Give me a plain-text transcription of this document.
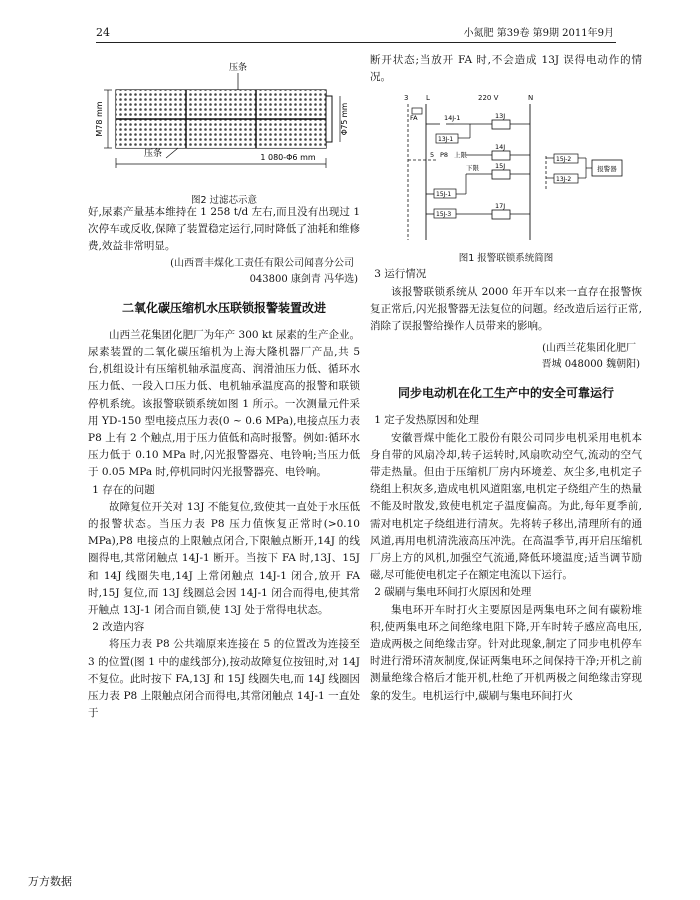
24	小氮肥 第39卷 第9期 2011年9月
压条
M78 mm	Φ75 mm
1 080-Φ6 mm
压条
图2 过滤芯示意

好,尿素产量基本维持在 1 258 t/d 左右,而且没有出现过 1 次停车或反收,保障了装置稳定运行,同时降低了油耗和维修费,效益非常明显。

(山西晋丰煤化工责任有限公司闻喜分公司

043800 康剑青 冯华选)

二氧化碳压缩机水压联锁报警装置改进

山西兰花集团化肥厂为年产 300 kt 尿素的生产企业。尿素装置的二氧化碳压缩机为上海大隆机器厂产品,共 5 台,机组设计有压缩机轴承温度高、润滑油压力低、循环水压力低、一段入口压力低、电机轴承温度高的报警和联锁停机系统。该报警联锁系统如图 1 所示。一次测量元件采用 YD-150 型电接点压力表(0 ~ 0.6 MPa),电接点压力表 P8 上有 2 个触点,用于压力值低和高时报警。例如:循环水压力低于 0.10 MPa 时,闪光报警器亮、电铃响;当压力低于 0.05 MPa 时,停机同时闪光报警器亮、电铃响。

1 存在的问题

故障复位开关对 13J 不能复位,致使其一直处于水压低的报警状态。当压力表 P8 压力值恢复正常时(>0.10 MPa),P8 电接点的上限触点闭合,下限触点断开,14J 的线圈得电,其常闭触点 14J-1 断开。当按下 FA 时,13J、15J 和 14J 线圈失电,14J 上常闭触点 14J-1 闭合,放开 FA 时,15J 复位,而 13J 线圈总会因 14J-1 闭合而得电,使其常开触点 13J-1 闭合而自锁,使 13J 处于常得电状态。

2 改造内容

将压力表 P8 公共端原来连接在 5 的位置改为连接至 3 的位置(图 1 中的虚线部分),按动故障复位按钮时,对 14J 不复位。此时按下 FA,13J 和 15J 线圈失电,而 14J 线圈因压力表 P8 上限触点闭合而得电,其常闭触点 14J-1 一直处于

断开状态;当放开 FA 时,不会造成 13J 误得电动作的情况。

3	L	220 V	N
FA	14J-1	13J
13J-1
5 P8 上限
14J
下限 15J
15J-1
15J-3
17J
15J-2
13J-2
报警器
图1 报警联锁系统简图

3 运行情况

该报警联锁系统从 2000 年开车以来一直存在报警恢复正常后,闪光报警器无法复位的问题。经改造后运行正常,消除了误报警给操作人员带来的影响。

(山西兰花集团化肥厂

晋城 048000 魏朝阳)

同步电动机在化工生产中的安全可靠运行

1 定子发热原因和处理

安徽晋煤中能化工股份有限公司同步电机采用电机本身自带的风扇冷却,转子运转时,风扇吹动空气,流动的空气带走热量。但由于压缩机厂房内环境差、灰尘多,电机定子绕组上积灰多,造成电机风道阻塞,电机定子绕组产生的热量不能及时散发,致使电机定子温度偏高。为此,每年夏季前,需对电机定子绕组进行清灰。先将转子移出,清理所有的通风道,再用电机清洗液高压冲洗。在高温季节,再开启压缩机厂房上方的风机,加强空气流通,降低环境温度;适当调节励磁,尽可能使电机定子在额定电流以下运行。

2 碳刷与集电环间打火原因和处理

集电环开车时打火主要原因是两集电环之间有碳粉堆积,使两集电环之间绝缘电阻下降,开车时转子感应高电压,造成两极之间绝缘击穿。针对此现象,制定了同步电机停车时进行滑环清灰制度,保证两集电环之间保持干净;开机之前测量绝缘合格后才能开机,杜绝了开机两极之间绝缘击穿现象的发生。电机运行中,碳刷与集电环间打火

万方数据
